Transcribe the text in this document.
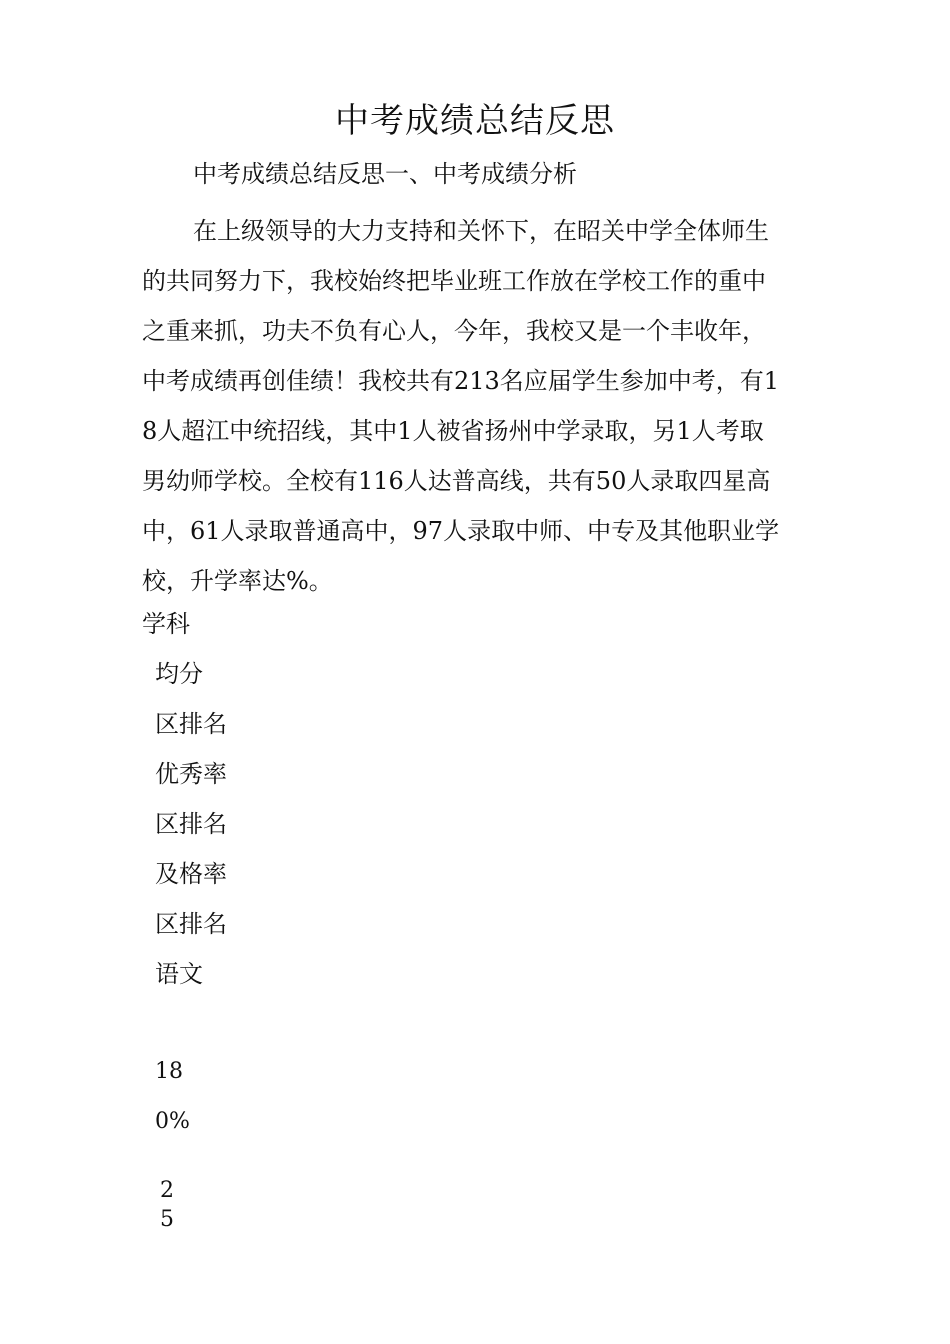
中考成绩总结反思
中考成绩总结反思一、中考成绩分析
在上级领导的大力支持和关怀下，在昭关中学全体师生
的共同努力下，我校始终把毕业班工作放在学校工作的重中
之重来抓，功夫不负有心人，今年，我校又是一个丰收年，
中考成绩再创佳绩！我校共有213名应届学生参加中考，有1
8人超江中统招线，其中1人被省扬州中学录取，另1人考取
男幼师学校。全校有116人达普高线，共有50人录取四星高
中，61人录取普通高中，97人录取中师、中专及其他职业学
校，升学率达%。
学科
均分
区排名
优秀率
区排名
及格率
区排名
语文
18
0%
2
5
